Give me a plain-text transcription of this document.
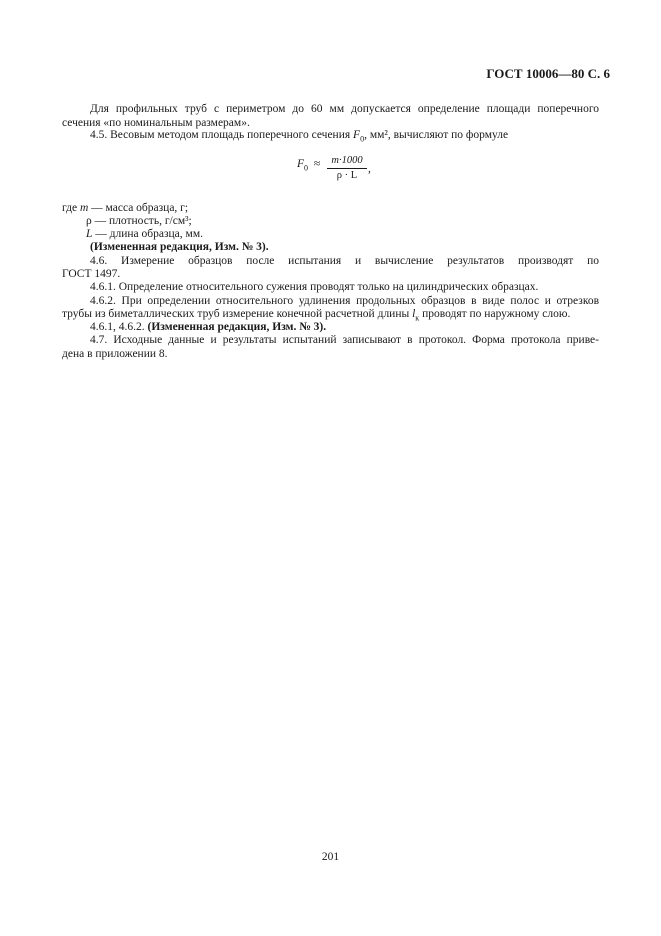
ГОСТ 10006—80 С. 6
Для профильных труб с периметром до 60 мм допускается определение площади поперечного
сечения «по номинальным размерам».
4.5. Весовым методом площадь поперечного сечения $F_0$, мм², вычисляют по формуле
$F_0$ ≈	m·1000
ρ · L
,
где m — масса образца, г;
ρ — плотность, г/см³;
L — длина образца, мм.
(Измененная редакция, Изм. № 3).
4.6. Измерение образцов после испытания и вычисление результатов производят по
ГОСТ 1497.
4.6.1. Определение относительного сужения проводят только на цилиндрических образцах.
4.6.2. При определении относительного удлинения продольных образцов в виде полос и отрезков
трубы из биметаллических труб измерение конечной расчетной длины $l_к$ проводят по наружному слою.
4.6.1, 4.6.2. (Измененная редакция, Изм. № 3).
4.7. Исходные данные и результаты испытаний записывают в протокол. Форма протокола приве-
дена в приложении 8.
201
